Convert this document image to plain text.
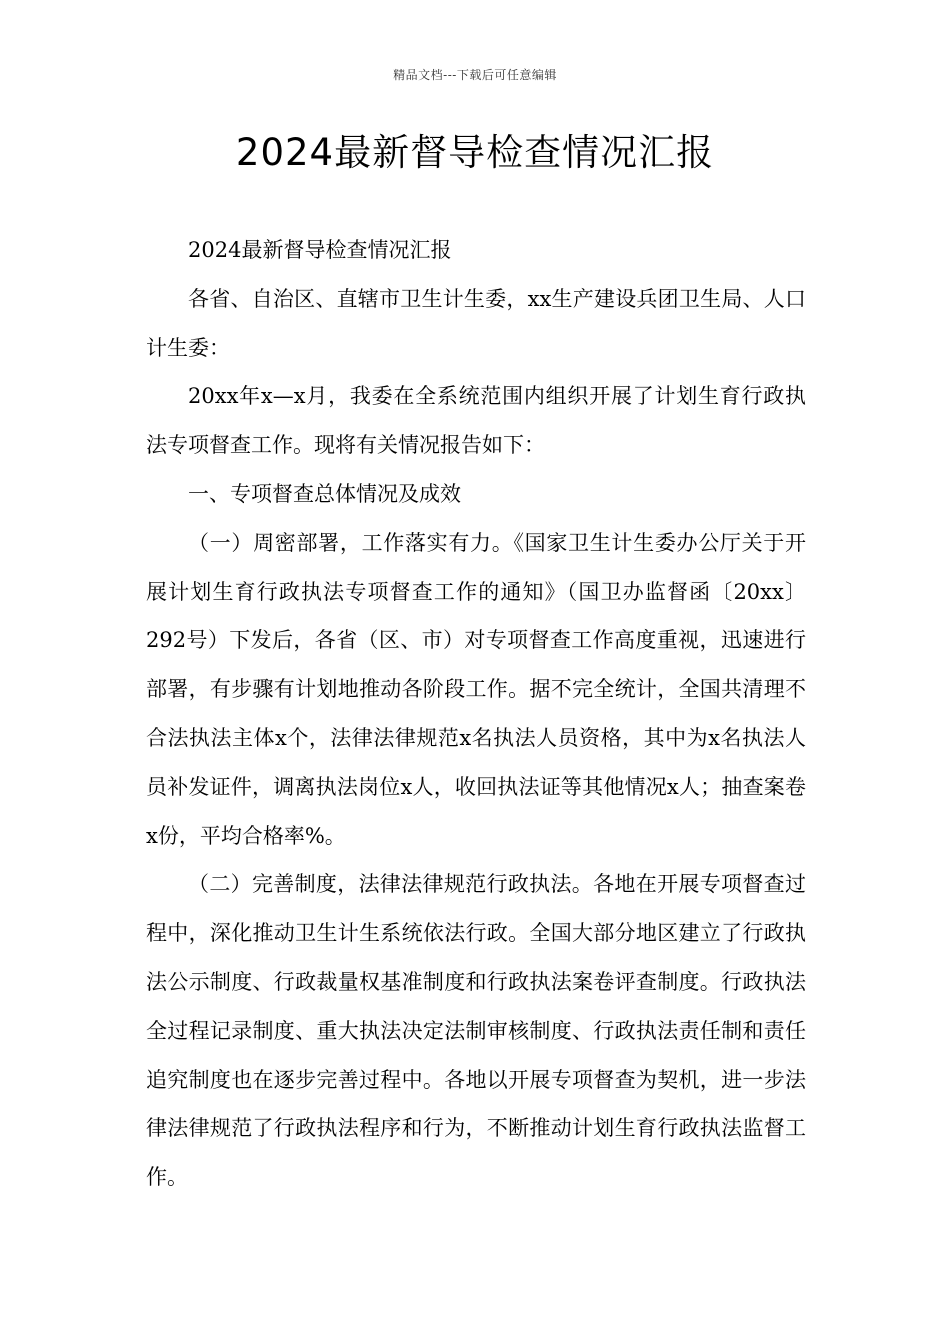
精品文档---下载后可任意编辑
2024最新督导检查情况汇报

2024最新督导检查情况汇报

各省、自治区、直辖市卫生计生委，xx生产建设兵团卫生局、人口计生委：

20xx年x—x月，我委在全系统范围内组织开展了计划生育行政执法专项督查工作。现将有关情况报告如下：

一、专项督查总体情况及成效

（一）周密部署，工作落实有力。《国家卫生计生委办公厅关于开展计划生育行政执法专项督查工作的通知》（国卫办监督函〔20xx〕292号）下发后，各省（区、市）对专项督查工作高度重视，迅速进行部署，有步骤有计划地推动各阶段工作。据不完全统计，全国共清理不合法执法主体x个，法律法律规范x名执法人员资格，其中为x名执法人员补发证件，调离执法岗位x人，收回执法证等其他情况x人；抽查案卷x份，平均合格率%。

（二）完善制度，法律法律规范行政执法。各地在开展专项督查过程中，深化推动卫生计生系统依法行政。全国大部分地区建立了行政执法公示制度、行政裁量权基准制度和行政执法案卷评查制度。行政执法全过程记录制度、重大执法决定法制审核制度、行政执法责任制和责任追究制度也在逐步完善过程中。各地以开展专项督查为契机，进一步法律法律规范了行政执法程序和行为，不断推动计划生育行政执法监督工作。
